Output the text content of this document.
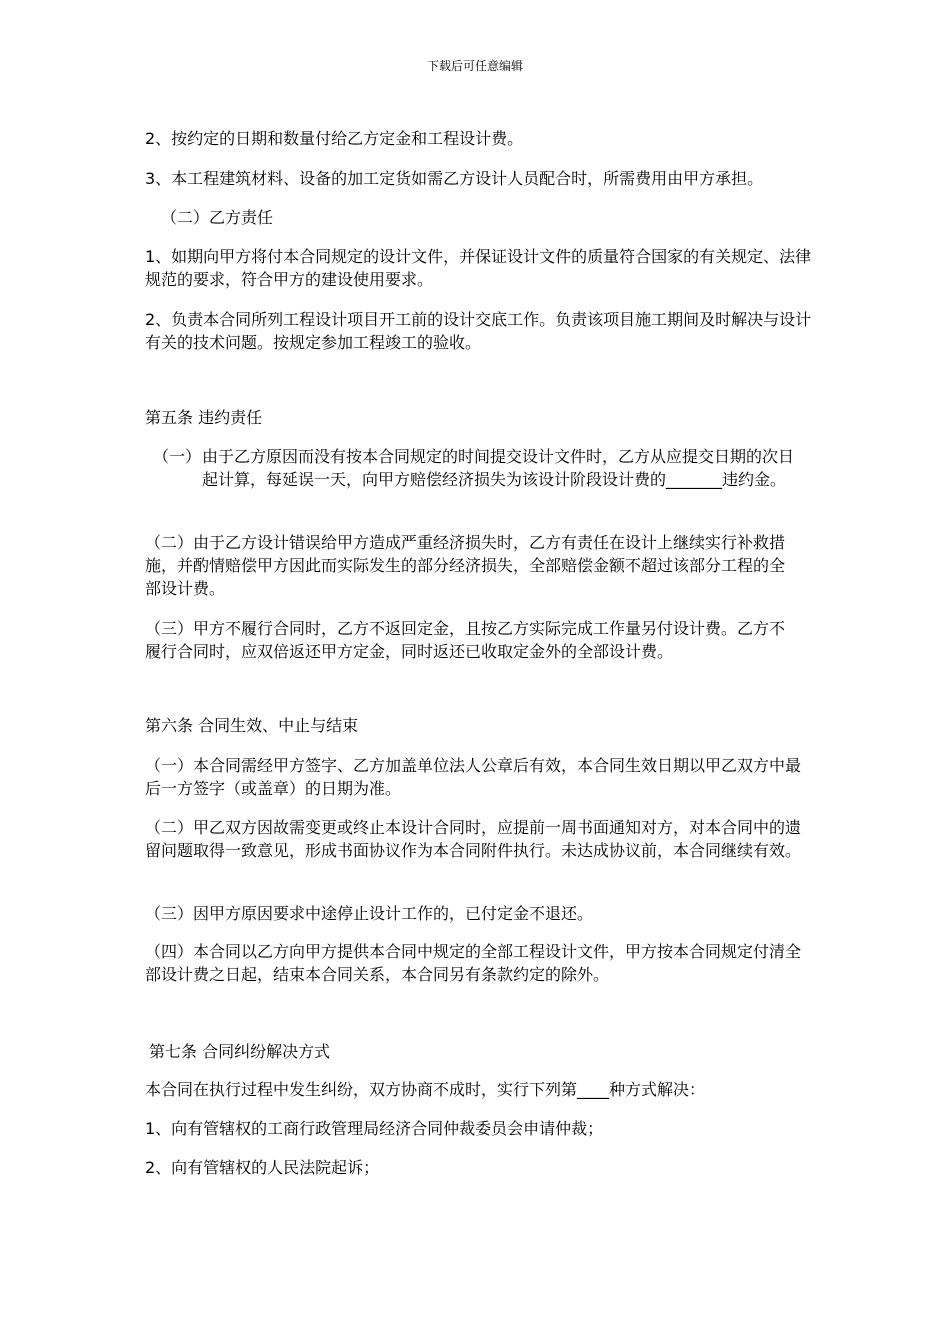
下载后可任意编辑

2、按约定的日期和数量付给乙方定金和工程设计费。

3、本工程建筑材料、设备的加工定货如需乙方设计人员配合时，所需费用由甲方承担。

（二）乙方责任

1、如期向甲方将付本合同规定的设计文件，并保证设计文件的质量符合国家的有关规定、法律规范的要求，符合甲方的建设使用要求。

2、负责本合同所列工程设计项目开工前的设计交底工作。负责该项目施工期间及时解决与设计有关的技术问题。按规定参加工程竣工的验收。

第五条 违约责任

（一） 由于乙方原因而没有按本合同规定的时间提交设计文件时，乙方从应提交日期的次日起计算，每延误一天，向甲方赔偿经济损失为该设计阶段设计费的_______违约金。

（二）由于乙方设计错误给甲方造成严重经济损失时，乙方有责任在设计上继续实行补救措施，并酌情赔偿甲方因此而实际发生的部分经济损失，全部赔偿金额不超过该部分工程的全部设计费。

（三）甲方不履行合同时，乙方不返回定金，且按乙方实际完成工作量另付设计费。乙方不履行合同时，应双倍返还甲方定金，同时返还已收取定金外的全部设计费。

第六条 合同生效、中止与结束

（一）本合同需经甲方签字、乙方加盖单位法人公章后有效，本合同生效日期以甲乙双方中最后一方签字（或盖章）的日期为准。

（二）甲乙双方因故需变更或终止本设计合同时，应提前一周书面通知对方，对本合同中的遗留问题取得一致意见，形成书面协议作为本合同附件执行。未达成协议前，本合同继续有效。

（三）因甲方原因要求中途停止设计工作的，已付定金不退还。

（四）本合同以乙方向甲方提供本合同中规定的全部工程设计文件，甲方按本合同规定付清全部设计费之日起，结束本合同关系，本合同另有条款约定的除外。

第七条 合同纠纷解决方式

本合同在执行过程中发生纠纷，双方协商不成时，实行下列第____种方式解决：

1、向有管辖权的工商行政管理局经济合同仲裁委员会申请仲裁；

2、向有管辖权的人民法院起诉；
